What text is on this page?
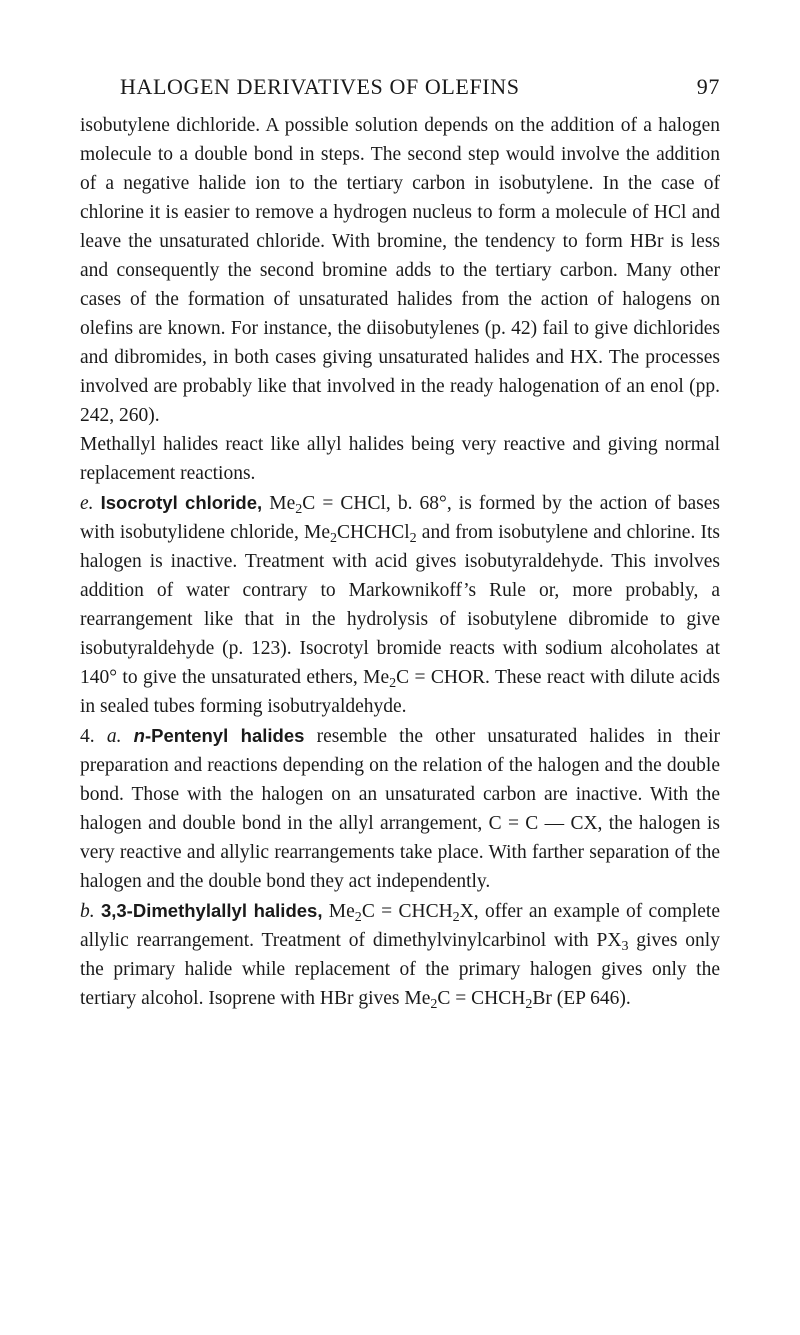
HALOGEN DERIVATIVES OF OLEFINS	97

isobutylene dichloride. A possible solution depends on the addition of a halogen molecule to a double bond in steps. The second step would involve the addition of a negative halide ion to the tertiary carbon in isobutylene. In the case of chlorine it is easier to remove a hydrogen nucleus to form a molecule of HCl and leave the unsaturated chloride. With bromine, the tendency to form HBr is less and consequently the second bromine adds to the tertiary carbon. Many other cases of the formation of unsaturated halides from the action of halogens on olefins are known. For instance, the diisobutylenes (p. 42) fail to give dichlorides and dibromides, in both cases giving unsaturated halides and HX. The processes involved are probably like that involved in the ready halogenation of an enol (pp. 242, 260).

Methallyl halides react like allyl halides being very reactive and giving normal replacement reactions.

e. Isocrotyl chloride, $Me_2C$ = CHCl, b. 68°, is formed by the action of bases with isobutylidene chloride, $Me_2CHCHCl_2$ and from isobutylene and chlorine. Its halogen is inactive. Treatment with acid gives isobutyraldehyde. This involves addition of water contrary to Markownikoff’s Rule or, more probably, a rearrangement like that in the hydrolysis of isobutylene dibromide to give isobutyraldehyde (p. 123). Isocrotyl bromide reacts with sodium alcoholates at 140° to give the unsaturated ethers, $Me_2C$ = CHOR. These react with dilute acids in sealed tubes forming isobutryaldehyde.

4. a. n-Pentenyl halides resemble the other unsaturated halides in their preparation and reactions depending on the relation of the halogen and the double bond. Those with the halogen on an unsaturated carbon are inactive. With the halogen and double bond in the allyl arrangement, C = C — CX, the halogen is very reactive and allylic rearrangements take place. With farther separation of the halogen and the double bond they act independently.

b. 3,3-Dimethylallyl halides, $Me_2C$ = $CHCH_2X$, offer an example of complete allylic rearrangement. Treatment of dimethylvinylcarbinol with $PX_3$ gives only the primary halide while replacement of the primary halogen gives only the tertiary alcohol. Isoprene with HBr gives $Me_2C$ = $CHCH_2Br$ (EP 646).
